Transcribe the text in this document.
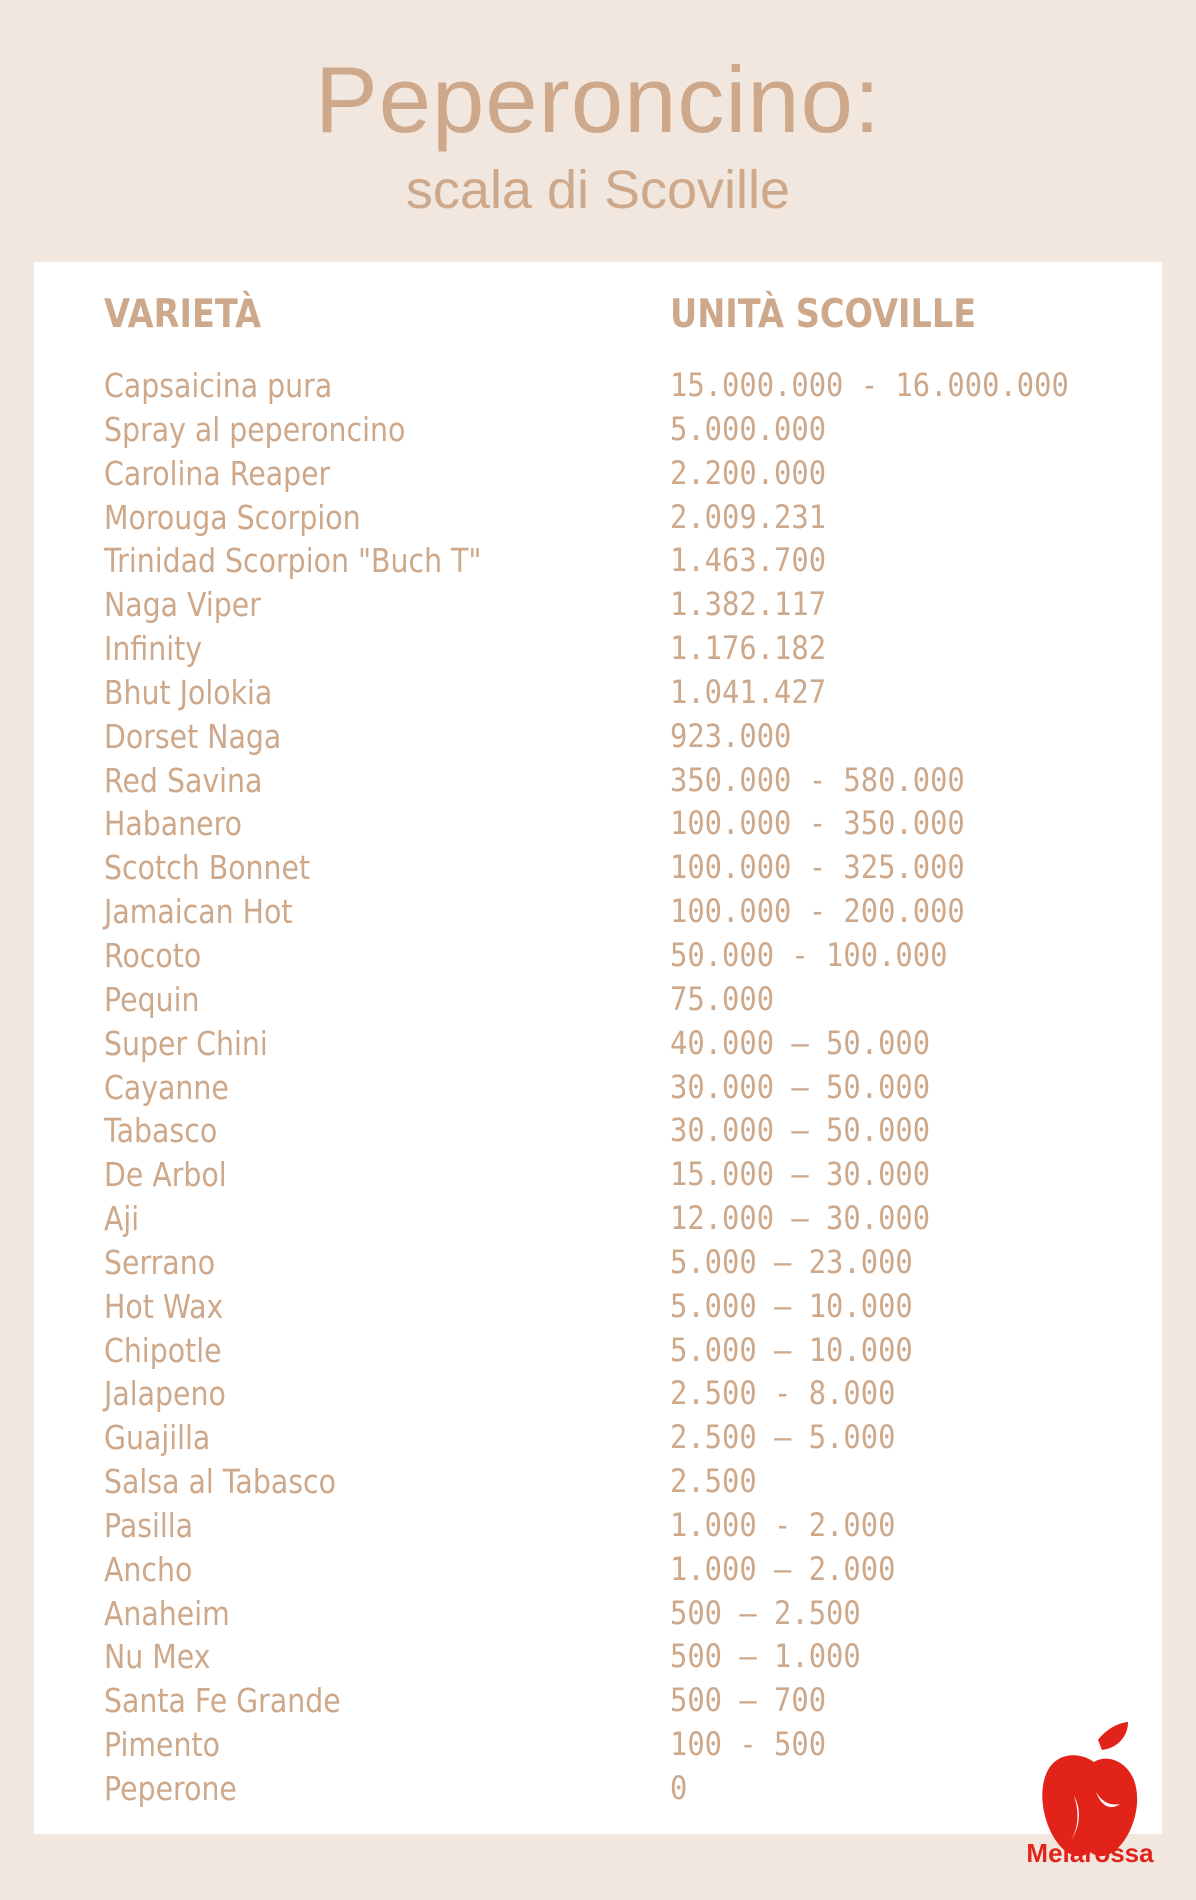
Peperoncino:
scala di Scoville
VARIETÀ	UNITÀ SCOVILLE
Capsaicina pura	15.000.000 - 16.000.000
Spray al peperoncino	5.000.000
Carolina Reaper	2.200.000
Morouga Scorpion	2.009.231
Trinidad Scorpion "Buch T"	1.463.700
Naga Viper	1.382.117
Infinity	1.176.182
Bhut Jolokia	1.041.427
Dorset Naga	923.000
Red Savina	350.000 - 580.000
Habanero	100.000 - 350.000
Scotch Bonnet	100.000 - 325.000
Jamaican Hot	100.000 - 200.000
Rocoto	50.000 - 100.000
Pequin	75.000
Super Chini	40.000 – 50.000
Cayanne	30.000 – 50.000
Tabasco	30.000 – 50.000
De Arbol	15.000 – 30.000
Aji	12.000 – 30.000
Serrano	5.000 – 23.000
Hot Wax	5.000 – 10.000
Chipotle	5.000 – 10.000
Jalapeno	2.500 - 8.000
Guajilla	2.500 – 5.000
Salsa al Tabasco	2.500
Pasilla	1.000 - 2.000
Ancho	1.000 – 2.000
Anaheim	500 – 2.500
Nu Mex	500 – 1.000
Santa Fe Grande	500 – 700
Pimento	100 - 500
Peperone	0
Melarossa
